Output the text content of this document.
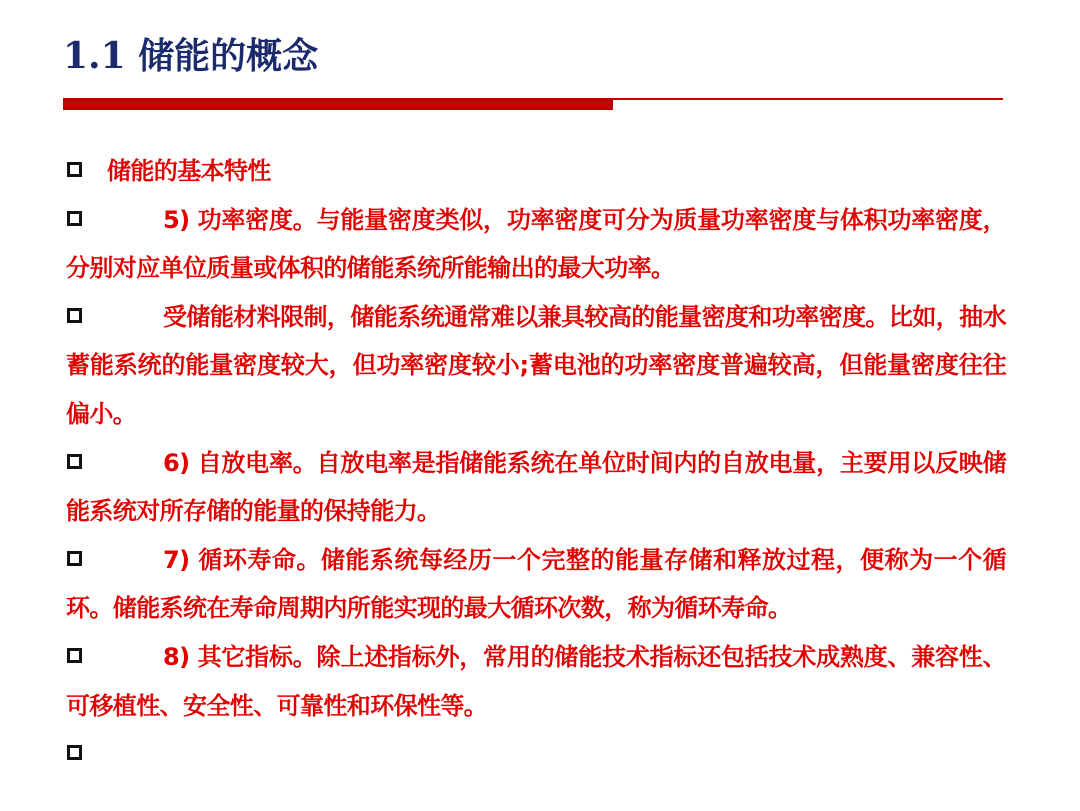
1.1 储能的概念

储能的基本特性

5) 功率密度。与能量密度类似，功率密度可分为质量功率密度与体积功率密度，分别对应单位质量或体积的储能系统所能输出的最大功率。

受储能材料限制，储能系统通常难以兼具较高的能量密度和功率密度。比如，抽水蓄能系统的能量密度较大，但功率密度较小;蓄电池的功率密度普遍较高，但能量密度往往偏小。

6) 自放电率。自放电率是指储能系统在单位时间内的自放电量，主要用以反映储能系统对所存储的能量的保持能力。

7) 循环寿命。储能系统每经历一个完整的能量存储和释放过程，便称为一个循环。储能系统在寿命周期内所能实现的最大循环次数，称为循环寿命。

8) 其它指标。除上述指标外，常用的储能技术指标还包括技术成熟度、兼容性、可移植性、安全性、可靠性和环保性等。
